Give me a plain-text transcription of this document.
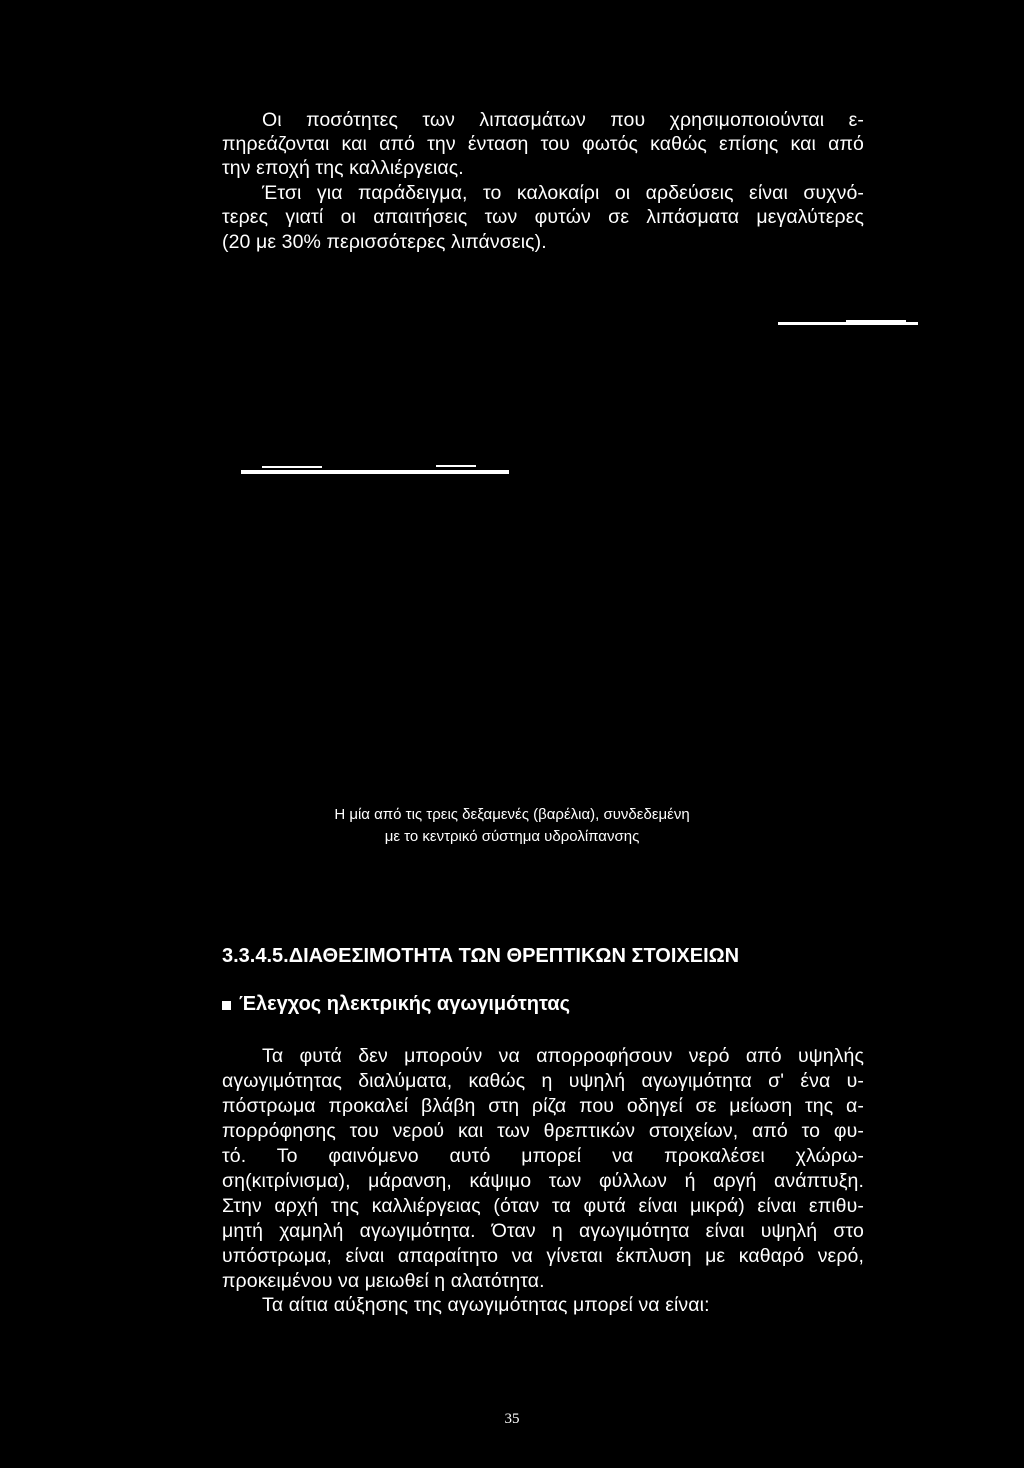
Οι ποσότητες των λιπασμάτων που χρησιμοποιούνται ε-
πηρεάζονται και από την ένταση του φωτός καθώς επίσης και από
την εποχή της καλλιέργειας.
Έτσι για παράδειγμα, το καλοκαίρι οι αρδεύσεις είναι συχνό-
τερες γιατί οι απαιτήσεις των φυτών σε λιπάσματα μεγαλύτερες
(20 με 30% περισσότερες λιπάνσεις).
Η μία από τις τρεις δεξαμενές (βαρέλια), συνδεδεμένη
με το κεντρικό σύστημα υδρολίπανσης
3.3.4.5.ΔΙΑΘΕΣΙΜΟΤΗΤΑ ΤΩΝ ΘΡΕΠΤΙΚΩΝ ΣΤΟΙΧΕΙΩΝ
Έλεγχος ηλεκτρικής αγωγιμότητας
Τα φυτά δεν μπορούν να απορροφήσουν νερό από υψηλής
αγωγιμότητας διαλύματα, καθώς η υψηλή αγωγιμότητα σ' ένα υ-
πόστρωμα προκαλεί βλάβη στη ρίζα που οδηγεί σε μείωση της α-
πορρόφησης του νερού και των θρεπτικών στοιχείων, από το φυ-
τό. Το φαινόμενο αυτό μπορεί να προκαλέσει χλώρω-
ση(κιτρίνισμα), μάρανση, κάψιμο των φύλλων ή αργή ανάπτυξη.
Στην αρχή της καλλιέργειας (όταν τα φυτά είναι μικρά) είναι επιθυ-
μητή χαμηλή αγωγιμότητα. Όταν η αγωγιμότητα είναι υψηλή στο
υπόστρωμα, είναι απαραίτητο να γίνεται έκπλυση με καθαρό νερό,
προκειμένου να μειωθεί η αλατότητα.
Τα αίτια αύξησης της αγωγιμότητας μπορεί να είναι:
35
